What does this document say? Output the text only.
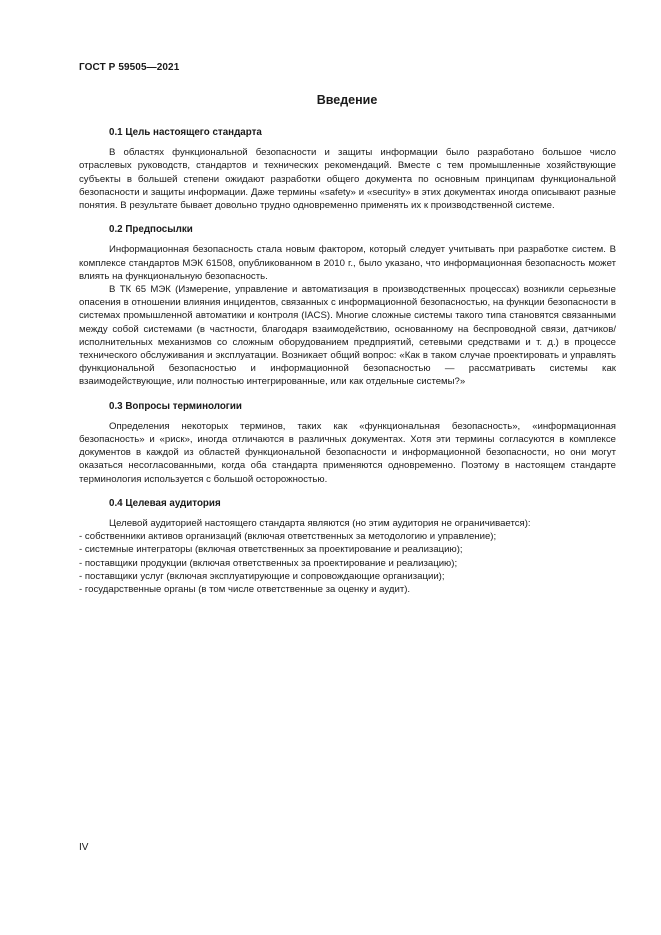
ГОСТ Р 59505—2021
Введение
0.1 Цель настоящего стандарта

В областях функциональной безопасности и защиты информации было разработано большое число отраслевых руководств, стандартов и технических рекомендаций. Вместе с тем промышленные хозяйствующие субъекты в большей степени ожидают разработки общего документа по основным принципам функциональной безопасности и защиты информации. Даже термины «safety» и «security» в этих документах иногда описывают разные понятия. В результате бывает довольно трудно одновременно применять их к производственной системе.

0.2 Предпосылки

Информационная безопасность стала новым фактором, который следует учитывать при разработке систем. В комплексе стандартов МЭК 61508, опубликованном в 2010 г., было указано, что информационная безопасность может влиять на функциональную безопасность.

В ТК 65 МЭК (Измерение, управление и автоматизация в производственных процессах) возникли серьезные опасения в отношении влияния инцидентов, связанных с информационной безопасностью, на функции безопасности в системах промышленной автоматики и контроля (IACS). Многие сложные системы такого типа становятся связанными между собой системами (в частности, благодаря взаимодействию, основанному на беспроводной связи, датчиков/исполнительных механизмов со сложным оборудованием предприятий, сетевыми средствами и т. д.) в процессе технического обслуживания и эксплуатации. Возникает общий вопрос: «Как в таком случае проектировать и управлять функциональной безопасностью и информационной безопасностью — рассматривать системы как взаимодействующие, или полностью интегрированные, или как отдельные системы?»

0.3 Вопросы терминологии

Определения некоторых терминов, таких как «функциональная безопасность», «информационная безопасность» и «риск», иногда отличаются в различных документах. Хотя эти термины согласуются в комплексе документов в каждой из областей функциональной безопасности и информационной безопасности, но они могут оказаться несогласованными, когда оба стандарта применяются одновременно. Поэтому в настоящем стандарте терминология используется с большой осторожностью.

0.4 Целевая аудитория

Целевой аудиторией настоящего стандарта являются (но этим аудитория не ограничивается):

- собственники активов организаций (включая ответственных за методологию и управление);

- системные интеграторы (включая ответственных за проектирование и реализацию);

- поставщики продукции (включая ответственных за проектирование и реализацию);

- поставщики услуг (включая эксплуатирующие и сопровождающие организации);

- государственные органы (в том числе ответственные за оценку и аудит).

IV
